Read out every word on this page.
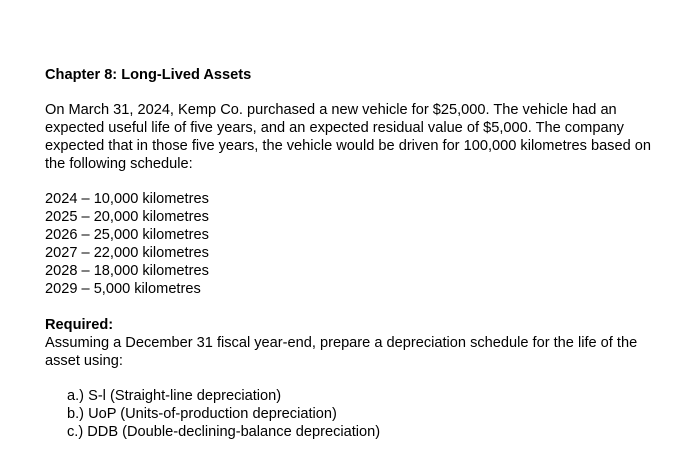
Chapter 8: Long-Lived Assets

On March 31, 2024, Kemp Co. purchased a new vehicle for $25,000. The vehicle had an expected useful life of five years, and an expected residual value of $5,000. The company expected that in those five years, the vehicle would be driven for 100,000 kilometres based on the following schedule:

2024 – 10,000 kilometres
2025 – 20,000 kilometres
2026 – 25,000 kilometres
2027 – 22,000 kilometres
2028 – 18,000 kilometres
2029 – 5,000 kilometres

Required:

Assuming a December 31 fiscal year-end, prepare a depreciation schedule for the life of the asset using:

a.) S-l (Straight-line depreciation)
b.) UoP (Units-of-production depreciation)
c.) DDB (Double-declining-balance depreciation)
